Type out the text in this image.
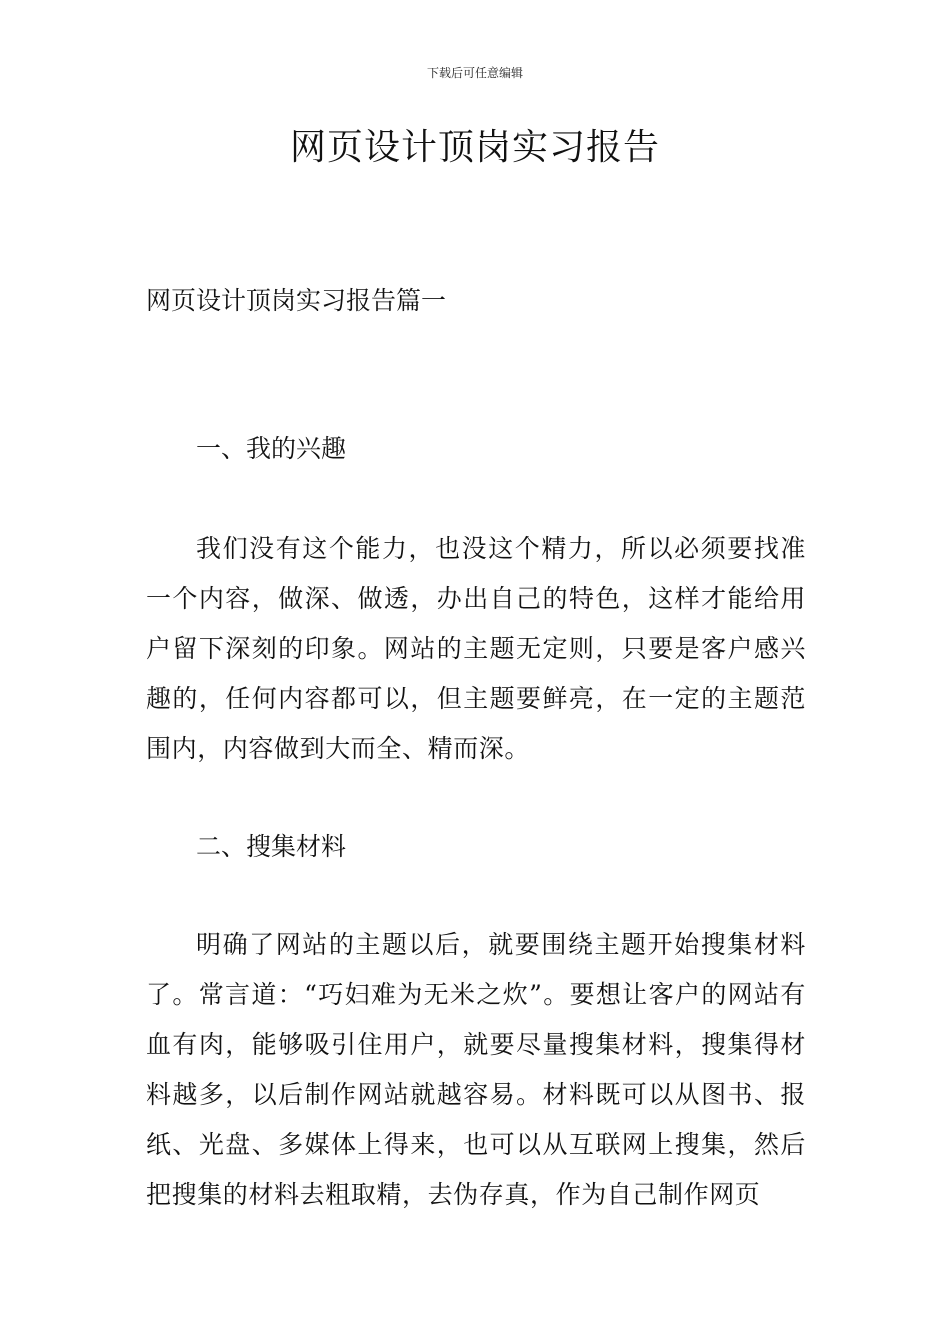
下载后可任意编辑
网页设计顶岗实习报告
网页设计顶岗实习报告篇一
一、我的兴趣

我们没有这个能力，也没这个精力，所以必须要找准一个内容，做深、做透，办出自己的特色，这样才能给用户留下深刻的印象。网站的主题无定则，只要是客户感兴趣的，任何内容都可以，但主题要鲜亮，在一定的主题范围内，内容做到大而全、精而深。

二、搜集材料

明确了网站的主题以后，就要围绕主题开始搜集材料了。常言道：“巧妇难为无米之炊”。要想让客户的网站有血有肉，能够吸引住用户，就要尽量搜集材料，搜集得材料越多，以后制作网站就越容易。材料既可以从图书、报纸、光盘、多媒体上得来，也可以从互联网上搜集，然后把搜集的材料去粗取精，去伪存真，作为自己制作网页
